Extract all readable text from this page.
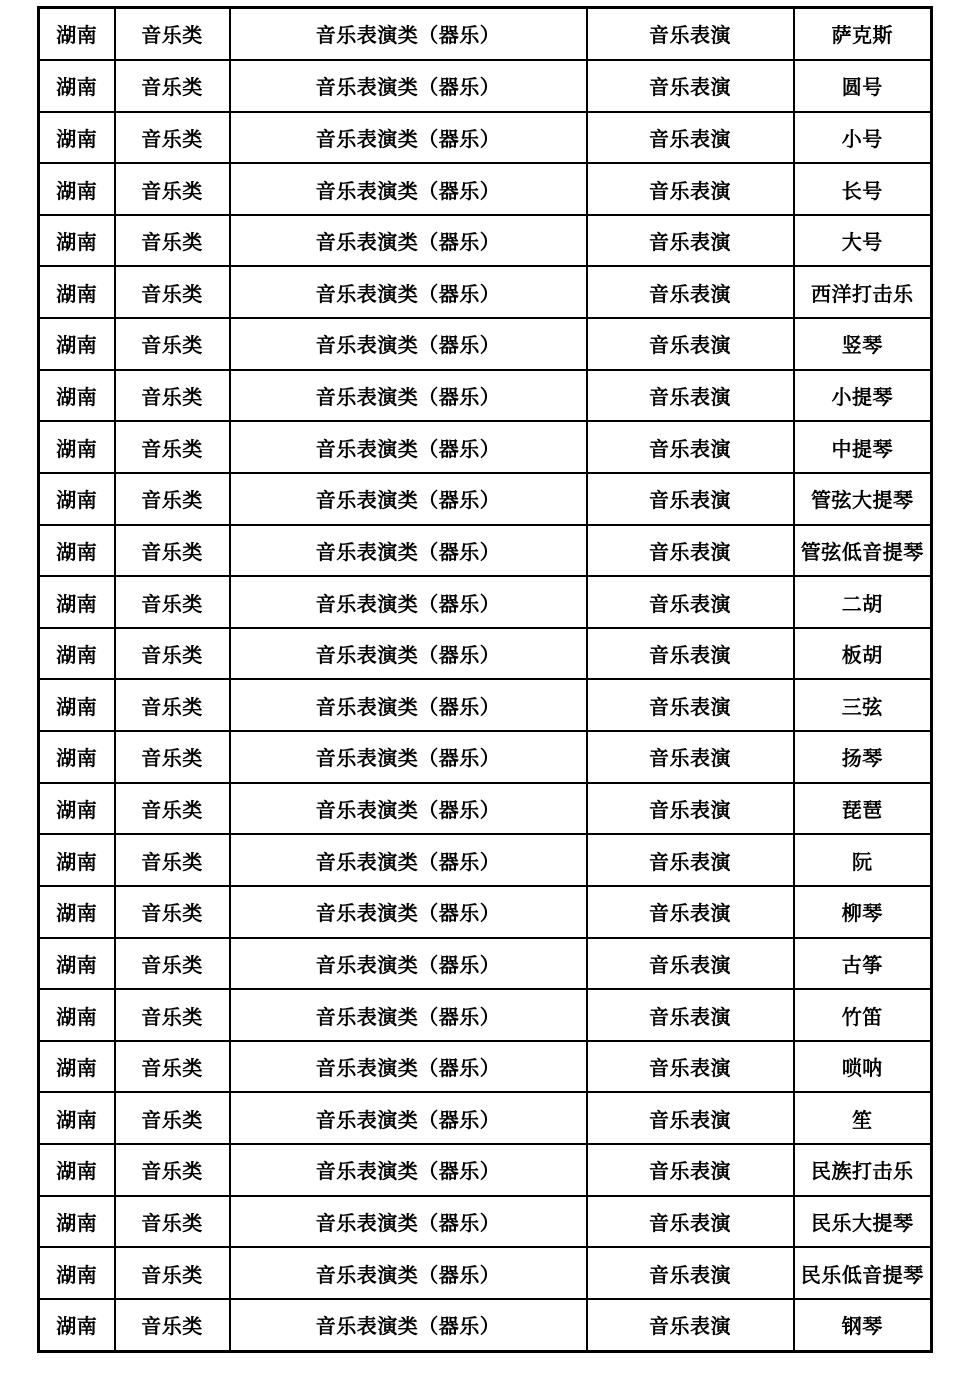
湖南	音乐类	音乐表演类（器乐）	音乐表演	萨克斯
湖南	音乐类	音乐表演类（器乐）	音乐表演	圆号
湖南	音乐类	音乐表演类（器乐）	音乐表演	小号
湖南	音乐类	音乐表演类（器乐）	音乐表演	长号
湖南	音乐类	音乐表演类（器乐）	音乐表演	大号
湖南	音乐类	音乐表演类（器乐）	音乐表演	西洋打击乐
湖南	音乐类	音乐表演类（器乐）	音乐表演	竖琴
湖南	音乐类	音乐表演类（器乐）	音乐表演	小提琴
湖南	音乐类	音乐表演类（器乐）	音乐表演	中提琴
湖南	音乐类	音乐表演类（器乐）	音乐表演	管弦大提琴
湖南	音乐类	音乐表演类（器乐）	音乐表演	管弦低音提琴
湖南	音乐类	音乐表演类（器乐）	音乐表演	二胡
湖南	音乐类	音乐表演类（器乐）	音乐表演	板胡
湖南	音乐类	音乐表演类（器乐）	音乐表演	三弦
湖南	音乐类	音乐表演类（器乐）	音乐表演	扬琴
湖南	音乐类	音乐表演类（器乐）	音乐表演	琵琶
湖南	音乐类	音乐表演类（器乐）	音乐表演	阮
湖南	音乐类	音乐表演类（器乐）	音乐表演	柳琴
湖南	音乐类	音乐表演类（器乐）	音乐表演	古筝
湖南	音乐类	音乐表演类（器乐）	音乐表演	竹笛
湖南	音乐类	音乐表演类（器乐）	音乐表演	唢呐
湖南	音乐类	音乐表演类（器乐）	音乐表演	笙
湖南	音乐类	音乐表演类（器乐）	音乐表演	民族打击乐
湖南	音乐类	音乐表演类（器乐）	音乐表演	民乐大提琴
湖南	音乐类	音乐表演类（器乐）	音乐表演	民乐低音提琴
湖南	音乐类	音乐表演类（器乐）	音乐表演	钢琴
